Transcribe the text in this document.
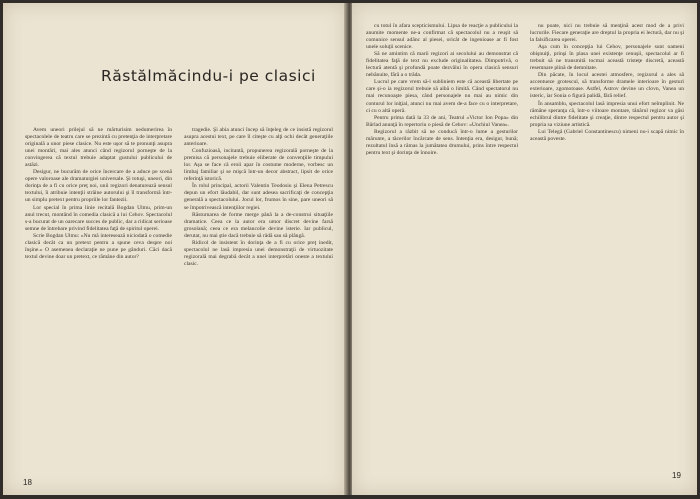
Răstălmăcindu-i pe clasici

Avem uneori prilejul să ne mărturisim nedumerirea în spectacolele de teatru care se prezintă cu pretenţia de interpretare originală a unor piese clasice. Nu este uşor să te pronunţi asupra unei montări, mai ales atunci când regizorul porneşte de la convingerea că textul trebuie adaptat gustului publicului de astăzi.

Desigur, ne bucurăm de orice încercare de a aduce pe scenă opere valoroase ale dramaturgiei universale. Şi totuşi, uneori, din dorinţa de a fi cu orice preţ noi, unii regizori denaturează sensul textului, îi atribuie intenţii străine autorului şi îl transformă într-un simplu pretext pentru propriile lor fantezii.

Lor special în prima linie recitală Bogdan Ulmu, prim-un anul trecut, montând în comedia clasică a lui Cehov. Spectacolul s-a bucurat de un oarecare succes de public, dar a ridicat serioase semne de întrebare privind fidelitatea faţă de spiritul operei.

Scrie Bogdan Ulmu: «Nu mă interesează niciodată o comedie clasică decât ca un pretext pentru a spune ceva despre noi înşine.» O asemenea declaraţie ne pune pe gânduri. Căci dacă textul devine doar un pretext, ce rămâne din autor?

tragedie. Şi abia atunci încep să înţeleg de ce insistă regizorul asupra acestui text, pe care îl citeşte cu alţi ochi decât generaţiile anterioare.

Confuzioasă, incitantă, propunerea regizorală porneşte de la premisa că personajele trebuie eliberate de convenţiile timpului lor. Aşa se face că eroii apar în costume moderne, vorbesc un limbaj familiar şi se mişcă într-un decor abstract, lipsit de orice referinţă istorică.

În rolul principal, actorii Valentin Teodosiu şi Elena Petrescu depun un efort lăudabil, dar sunt adesea sacrificaţi de concepţia generală a spectacolului. Jocul lor, frumos în sine, pare uneori să se împotrivească intenţiilor regiei.

Răsturnarea de forme merge până la a de-construi situaţiile dramatice. Ceea ce la autor era umor discret devine farsă grosolană; ceea ce era melancolie devine isterie. Iar publicul, derutat, nu mai ştie dacă trebuie să râdă sau să plângă.

Ridicol de insistent în dorinţa de a fi cu orice preţ inedit, spectacolul ne lasă impresia unei demonstraţii de virtuozitate regizorală mai degrabă decât a unei interpretări oneste a textului clasic.

18

cu totul în afara scepticismului. Lipsa de reacţie a publicului la anumite momente ne-a confirmat că spectacolul nu a reuşit să comunice sensul adânc al piesei, oricât de ingenioase ar fi fost unele soluţii scenice.

Să ne amintim că marii regizori ai secolului au demonstrat că fidelitatea faţă de text nu exclude originalitatea. Dimpotrivă, o lectură atentă şi profundă poate dezvălui în opera clasică sensuri nebănuite, fără a o trăda.

Lucrul pe care vrem să-l subliniem este că această libertate pe care şi-o ia regizorul trebuie să aibă o limită. Când spectatorul nu mai recunoaşte piesa, când personajele nu mai au nimic din conturul lor iniţial, atunci nu mai avem de-a face cu o interpretare, ci cu o altă operă.

Pentru prima dată la 33 de ani, Teatrul «Victor Ion Popa» din Bârlad anunţă în repertoriu o piesă de Cehov: «Unchiul Vanea».

Regizorul a răzbit să ne conducă într-o lume a gesturilor mărunte, a tăcerilor încărcate de sens. Intenţia era, desigur, bună; rezultatul însă a rămas la jumătatea drumului, prins între respectul pentru text şi dorinţa de înnoire.

nu poate, nici nu trebuie să menţină acest mod de a privi lucrurile. Fiecare generaţie are dreptul la propria ei lectură, dar nu şi la falsificarea operei.

Aşa cum în concepţia lui Cehov, personajele sunt oameni obişnuiţi, prinşi în plasa unei existenţe cenuşii, spectacolul ar fi trebuit să ne transmită tocmai această tristeţe discretă, această resemnare plină de demnitate.

Din păcate, în locul acestei atmosfere, regizorul a ales să accentueze grotescul, să transforme dramele interioare în gesturi exterioare, zgomotoase. Astfel, Astrov devine un clovn, Vanea un isteric, iar Sonia o figură palidă, fără relief.

În ansamblu, spectacolul lasă impresia unui efort neîmplinit. Ne rămâne speranţa că, într-o viitoare montare, tânărul regizor va găsi echilibrul dintre fidelitate şi creaţie, dintre respectul pentru autor şi propria sa viziune artistică.

Lui Telegâ (Gabriel Constantinescu) nimeni nu-i scapă nimic în această poveste.

19
